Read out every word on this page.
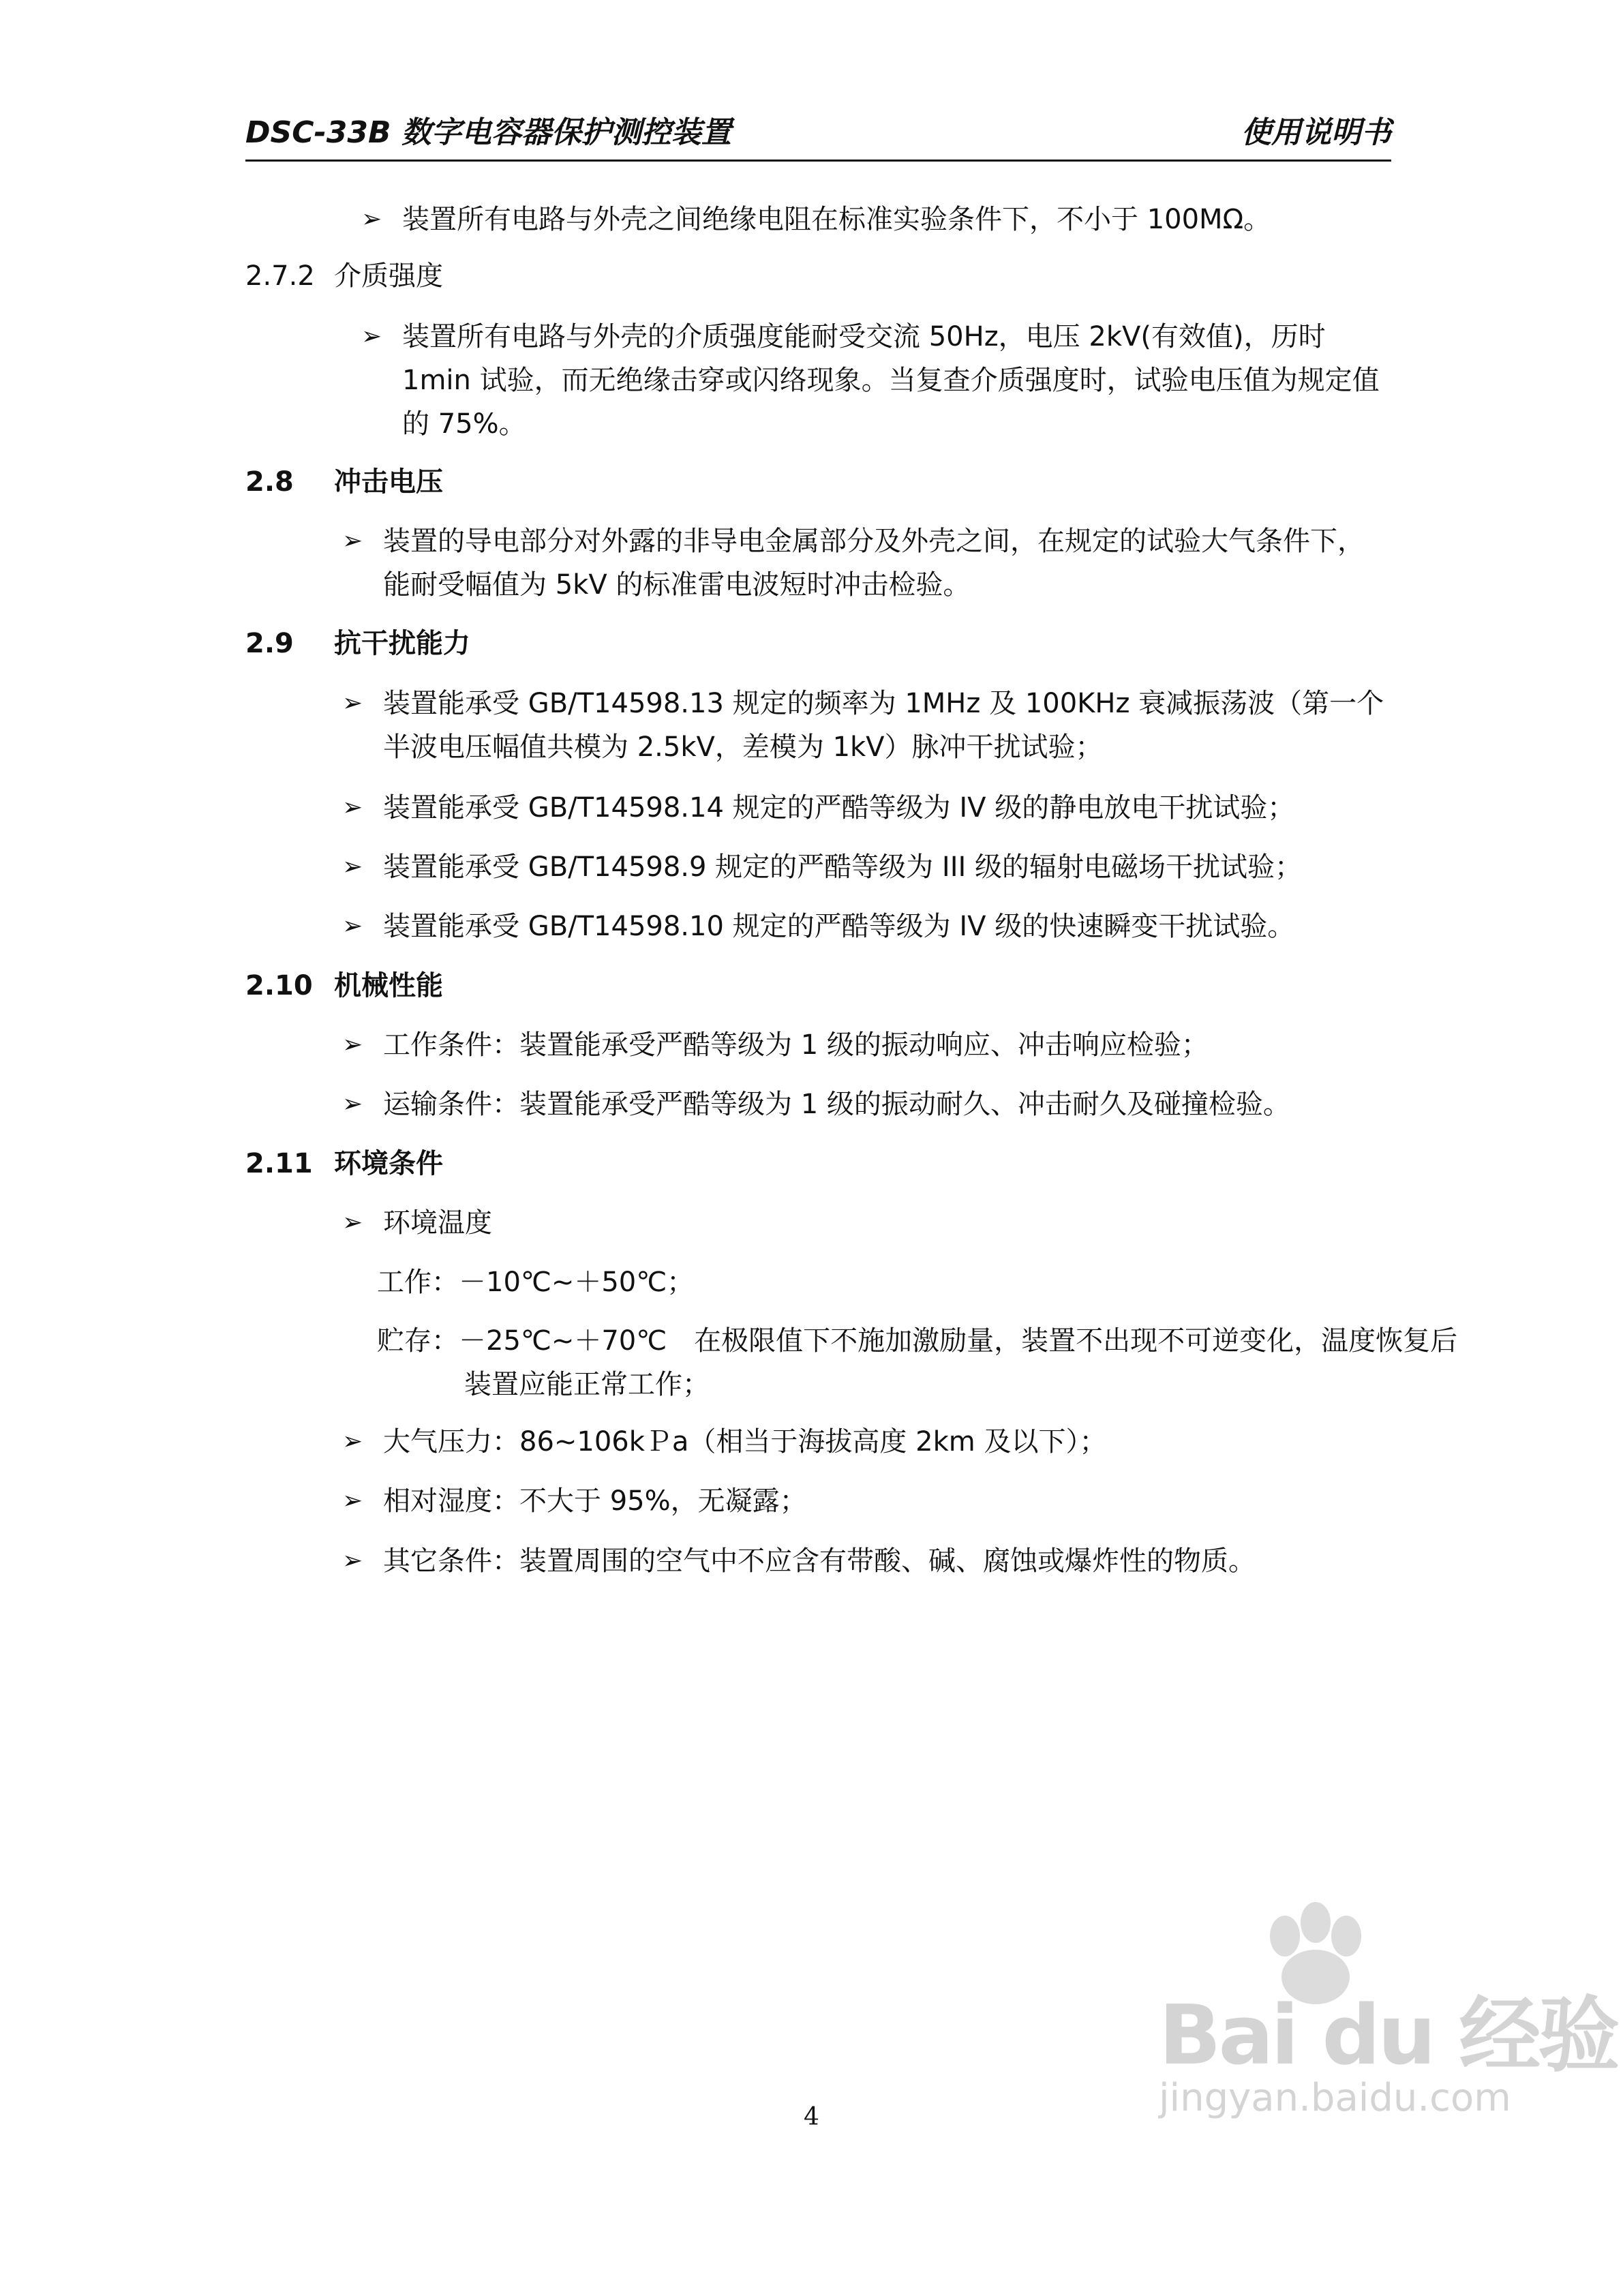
DSC-33B 数字电容器保护测控装置	使用说明书
➢ 装置所有电路与外壳之间绝缘电阻在标准实验条件下，不小于 100MΩ。
2.7.2 介质强度
➢ 装置所有电路与外壳的介质强度能耐受交流 50Hz，电压 2kV(有效值)，历时 1min 试验，而无绝缘击穿或闪络现象。当复查介质强度时，试验电压值为规定值的 75%。
2.8 冲击电压
➢ 装置的导电部分对外露的非导电金属部分及外壳之间，在规定的试验大气条件下，能耐受幅值为 5kV 的标准雷电波短时冲击检验。
2.9 抗干扰能力
➢ 装置能承受 GB/T14598.13 规定的频率为 1MHz 及 100KHz 衰减振荡波（第一个半波电压幅值共模为 2.5kV，差模为 1kV）脉冲干扰试验；
➢ 装置能承受 GB/T14598.14 规定的严酷等级为 IV 级的静电放电干扰试验；
➢ 装置能承受 GB/T14598.9 规定的严酷等级为 III 级的辐射电磁场干扰试验；
➢ 装置能承受 GB/T14598.10 规定的严酷等级为 IV 级的快速瞬变干扰试验。
2.10 机械性能
➢ 工作条件：装置能承受严酷等级为 1 级的振动响应、冲击响应检验；
➢ 运输条件：装置能承受严酷等级为 1 级的振动耐久、冲击耐久及碰撞检验。
2.11 环境条件
➢ 环境温度
工作：－10℃~＋50℃；
贮存：－25℃~＋70℃　在极限值下不施加激励量，装置不出现不可逆变化，温度恢复后装置应能正常工作；
➢ 大气压力：86~106kＰa（相当于海拔高度 2km 及以下）；
➢ 相对湿度：不大于 95%，无凝露；
➢ 其它条件：装置周围的空气中不应含有带酸、碱、腐蚀或爆炸性的物质。
4
Bai du 经验
jingyan.baidu.com
